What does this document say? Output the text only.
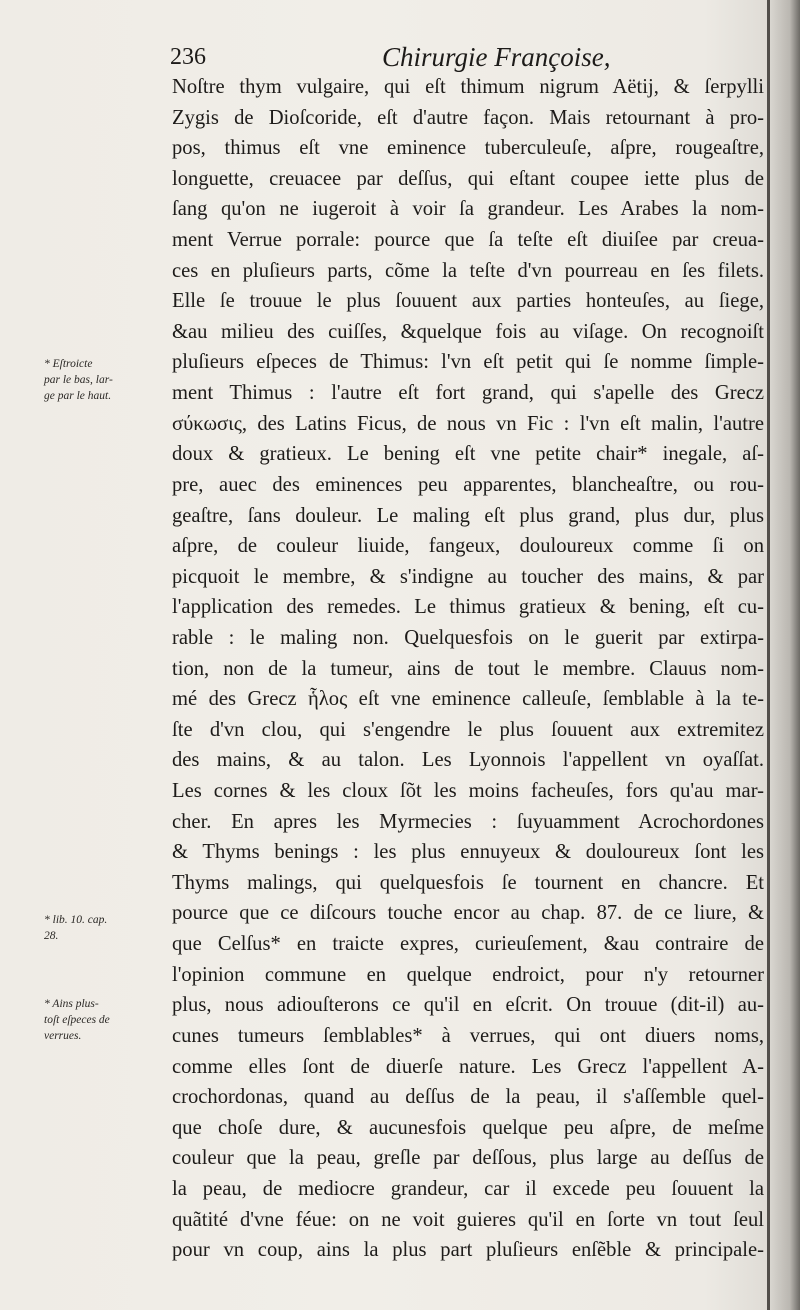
236	Chirurgie Françoise,
Noſtre thym vulgaire, qui eſt thimum nigrum Aëtij, & ſerpylli
Zygis de Dioſcoride, eſt d'autre façon. Mais retournant à pro-
pos, thimus eſt vne eminence tuberculeuſe, aſpre, rougeaſtre,
longuette, creuacee par deſſus, qui eſtant coupee iette plus de
ſang qu'on ne iugeroit à voir ſa grandeur. Les Arabes la nom-
ment Verrue porrale: pource que ſa teſte eſt diuiſee par creua-
ces en pluſieurs parts, cõme la teſte d'vn pourreau en ſes filets.
Elle ſe trouue le plus ſouuent aux parties honteuſes, au ſiege,
&au milieu des cuiſſes, &quelque fois au viſage. On recognoiſt
pluſieurs eſpeces de Thimus: l'vn eſt petit qui ſe nomme ſimple-
ment Thimus : l'autre eſt fort grand, qui s'apelle des Grecz
σύκωσις, des Latins Ficus, de nous vn Fic : l'vn eſt malin, l'autre
doux & gratieux. Le bening eſt vne petite chair* inegale, aſ-
pre, auec des eminences peu apparentes, blancheaſtre, ou rou-
geaſtre, ſans douleur. Le maling eſt plus grand, plus dur, plus
aſpre, de couleur liuide, fangeux, douloureux comme ſi on
picquoit le membre, & s'indigne au toucher des mains, & par
l'application des remedes. Le thimus gratieux & bening, eſt cu-
rable : le maling non. Quelquesfois on le guerit par extirpa-
tion, non de la tumeur, ains de tout le membre. Clauus nom-
mé des Grecz ἧλος eſt vne eminence calleuſe, ſemblable à la te-
ſte d'vn clou, qui s'engendre le plus ſouuent aux extremitez
des mains, & au talon. Les Lyonnois l'appellent vn oyaſſat.
Les cornes & les cloux ſõt les moins facheuſes, fors qu'au mar-
cher. En apres les Myrmecies : ſuyuamment Acrochordones
& Thyms benings : les plus ennuyeux & douloureux ſont les
Thyms malings, qui quelquesfois ſe tournent en chancre. Et
pource que ce diſcours touche encor au chap. 87. de ce liure, &
que Celſus* en traicte expres, curieuſement, &au contraire de
l'opinion commune en quelque endroict, pour n'y retourner
plus, nous adiouſterons ce qu'il en eſcrit. On trouue (dit-il) au-
cunes tumeurs ſemblables* à verrues, qui ont diuers noms,
comme elles ſont de diuerſe nature. Les Grecz l'appellent A-
crochordonas, quand au deſſus de la peau, il s'aſſemble quel-
que choſe dure, & aucunesfois quelque peu aſpre, de meſme
couleur que la peau, greſle par deſſous, plus large au deſſus de
la peau, de mediocre grandeur, car il excede peu ſouuent la
quãtité d'vne féue: on ne voit guieres qu'il en ſorte vn tout ſeul
pour vn coup, ains la plus part pluſieurs enſẽble & principale-
* Eſtroicte
par le bas, lar-
ge par le haut.
* lib. 10. cap.
28.
* Ains plus-
toſt eſpeces de
verrues.
